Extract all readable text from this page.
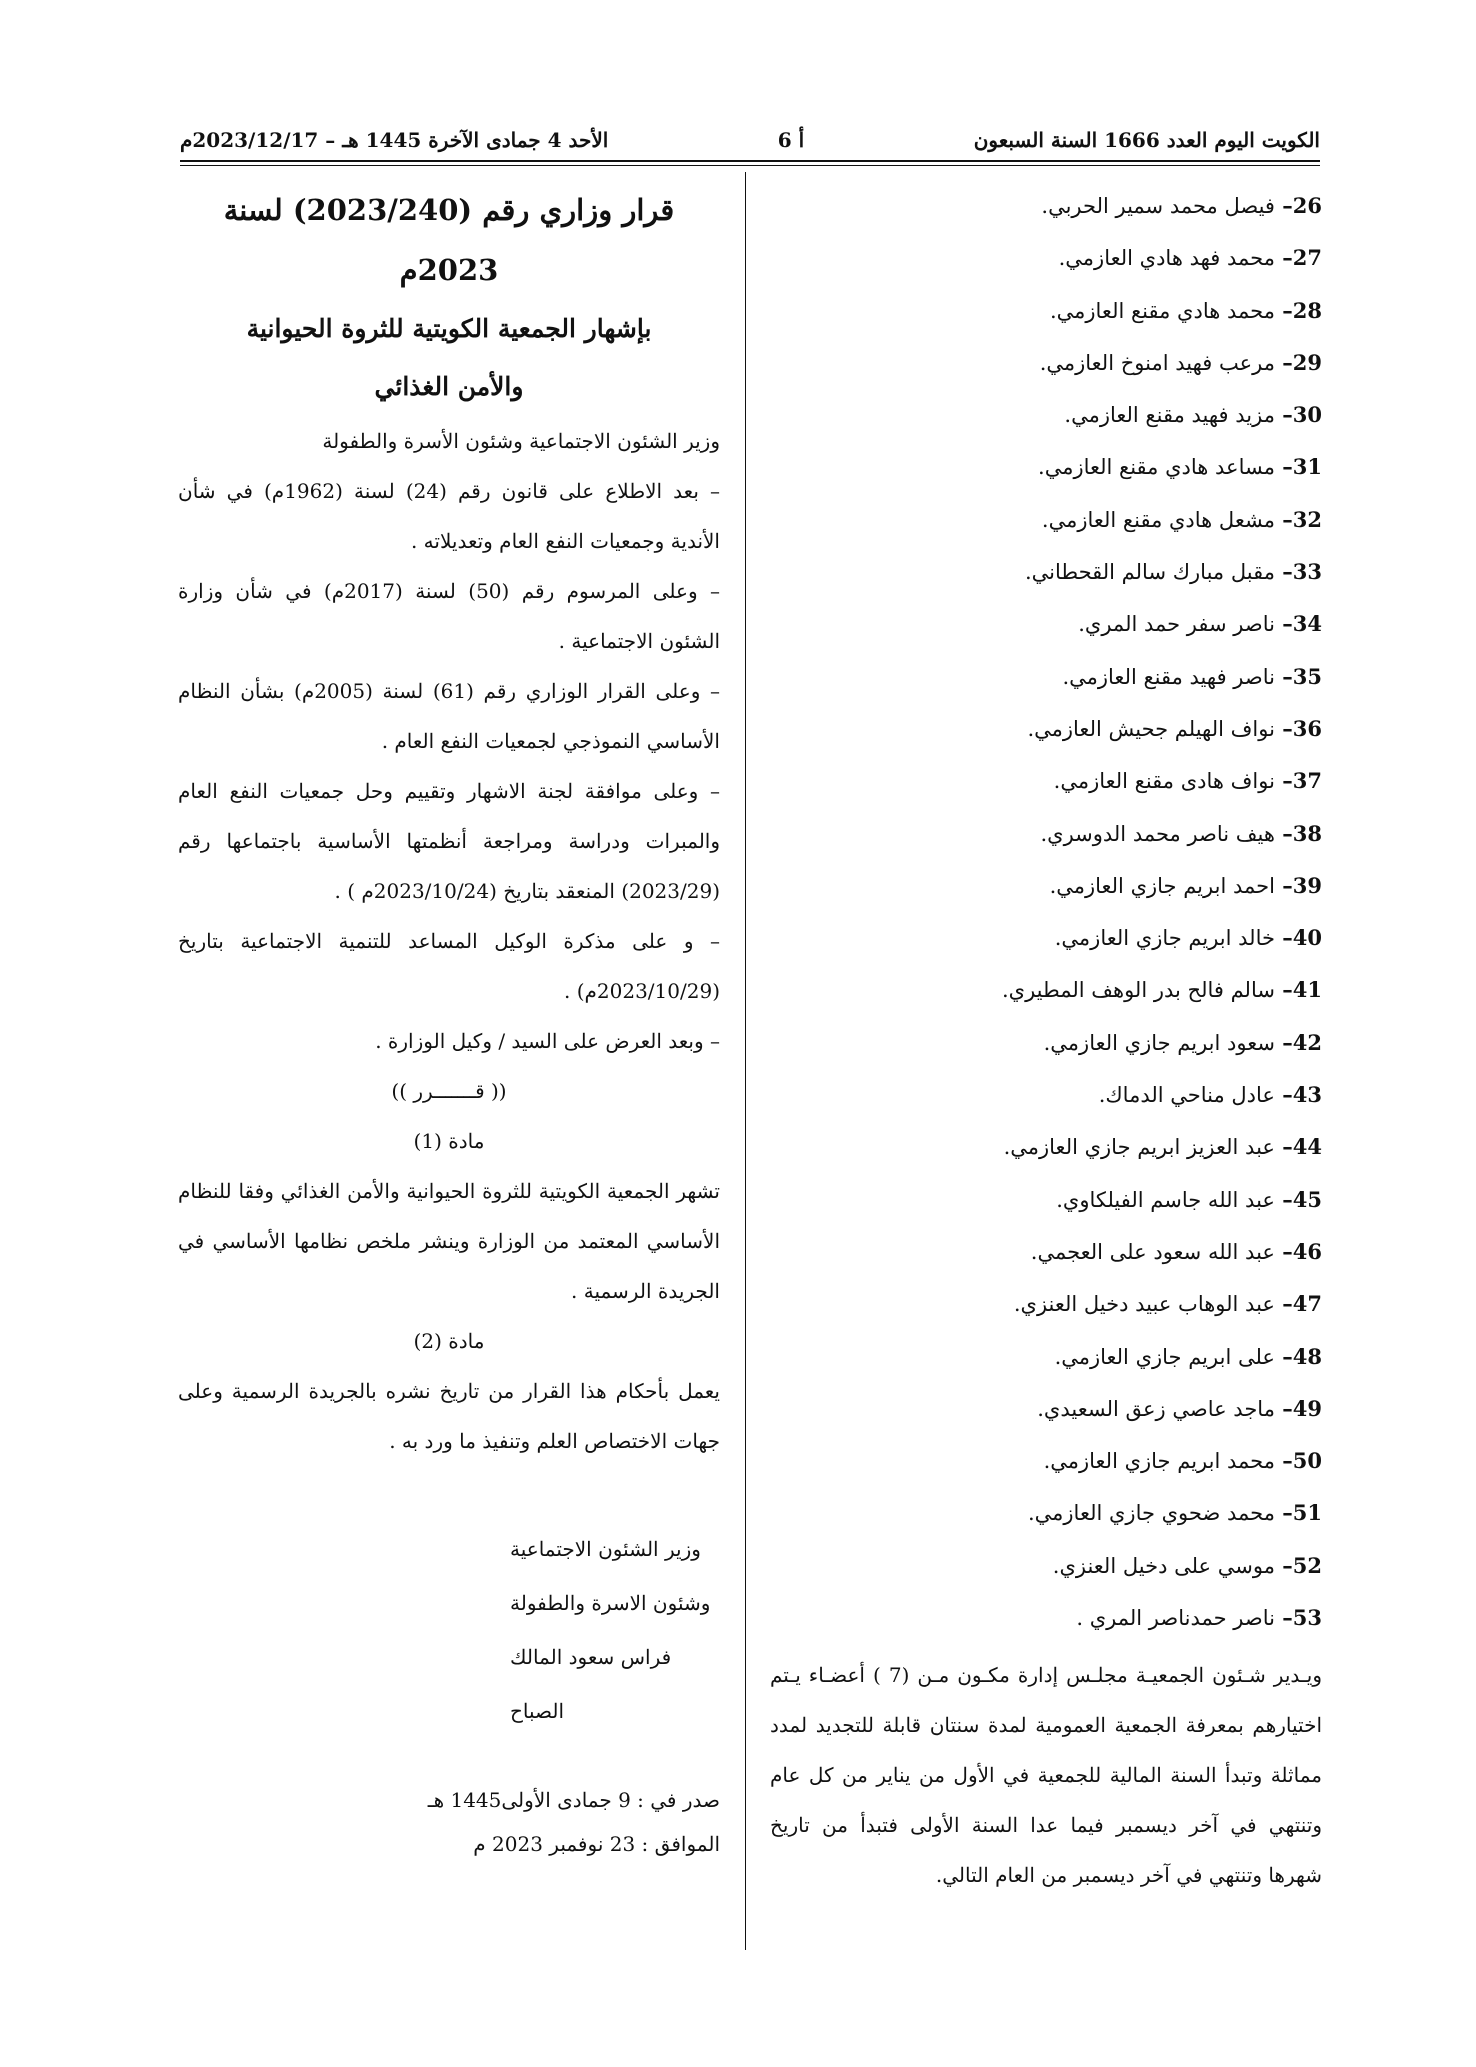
الكويت اليوم العدد 1666 السنة السبعون
أ 6
الأحد 4 جمادى الآخرة 1445 هـ – 2023/12/17م
26– فيصل محمد سمير الحربي.
27– محمد فهد هادي العازمي.
28– محمد هادي مقنع العازمي.
29– مرعب فهيد امنوخ العازمي.
30– مزيد فهيد مقنع العازمي.
31– مساعد هادي مقنع العازمي.
32– مشعل هادي مقنع العازمي.
33– مقبل مبارك سالم القحطاني.
34– ناصر سفر حمد المري.
35– ناصر فهيد مقنع العازمي.
36– نواف الهيلم جحيش العازمي.
37– نواف هادى مقنع العازمي.
38– هيف ناصر محمد الدوسري.
39– احمد ابريم جازي العازمي.
40– خالد ابريم جازي العازمي.
41– سالم فالح بدر الوهف المطيري.
42– سعود ابريم جازي العازمي.
43– عادل مناحي الدماك.
44– عبد العزيز ابريم جازي العازمي.
45– عبد الله جاسم الفيلكاوي.
46– عبد الله سعود على العجمي.
47– عبد الوهاب عبيد دخيل العنزي.
48– على ابريم جازي العازمي.
49– ماجد عاصي زعق السعيدي.
50– محمد ابريم جازي العازمي.
51– محمد ضحوي جازي العازمي.
52– موسي على دخيل العنزي.
53– ناصر حمدناصر المري .
ويـدير شـئون الجمعيـة مجلـس إدارة مكـون مـن (7 ) أعضـاء يـتم اختيارهم بمعرفة الجمعية العمومية لمدة سنتان قابلة للتجديد لمدد مماثلة وتبدأ السنة المالية للجمعية في الأول من يناير من كل عام وتنتهي في آخر ديسمبر فيما عدا السنة الأولى فتبدأ من تاريخ شهرها وتنتهي في آخر ديسمبر من العام التالي.
قرار وزاري رقم (2023/240) لسنة 2023م
بإشهار الجمعية الكويتية للثروة الحيوانية
والأمن الغذائي
وزير الشئون الاجتماعية وشئون الأسرة والطفولة
– بعد الاطلاع على قانون رقم (24) لسنة (1962م) في شأن الأندية وجمعيات النفع العام وتعديلاته .
– وعلى المرسوم رقم (50) لسنة (2017م) في شأن وزارة الشئون الاجتماعية .
– وعلى القرار الوزاري رقم (61) لسنة (2005م) بشأن النظام الأساسي النموذجي لجمعيات النفع العام .
– وعلى موافقة لجنة الاشهار وتقييم وحل جمعيات النفع العام والمبرات ودراسة ومراجعة أنظمتها الأساسية باجتماعها رقم (2023/29) المنعقد بتاريخ (2023/10/24م ) .
– و على مذكرة الوكيل المساعد للتنمية الاجتماعية بتاريخ (2023/10/29م) .
– وبعد العرض على السيد / وكيل الوزارة .
(( قـــــــرر ))
مادة (1)
تشهر الجمعية الكويتية للثروة الحيوانية والأمن الغذائي وفقا للنظام الأساسي المعتمد من الوزارة وينشر ملخص نظامها الأساسي في الجريدة الرسمية .
مادة (2)
يعمل بأحكام هذا القرار من تاريخ نشره بالجريدة الرسمية وعلى جهات الاختصاص العلم وتنفيذ ما ورد به .
وزير الشئون الاجتماعية
وشئون الاسرة والطفولة
فراس سعود المالك الصباح
صدر في : 9 جمادى الأولى1445 هـ
الموافق : 23 نوفمبر 2023 م
